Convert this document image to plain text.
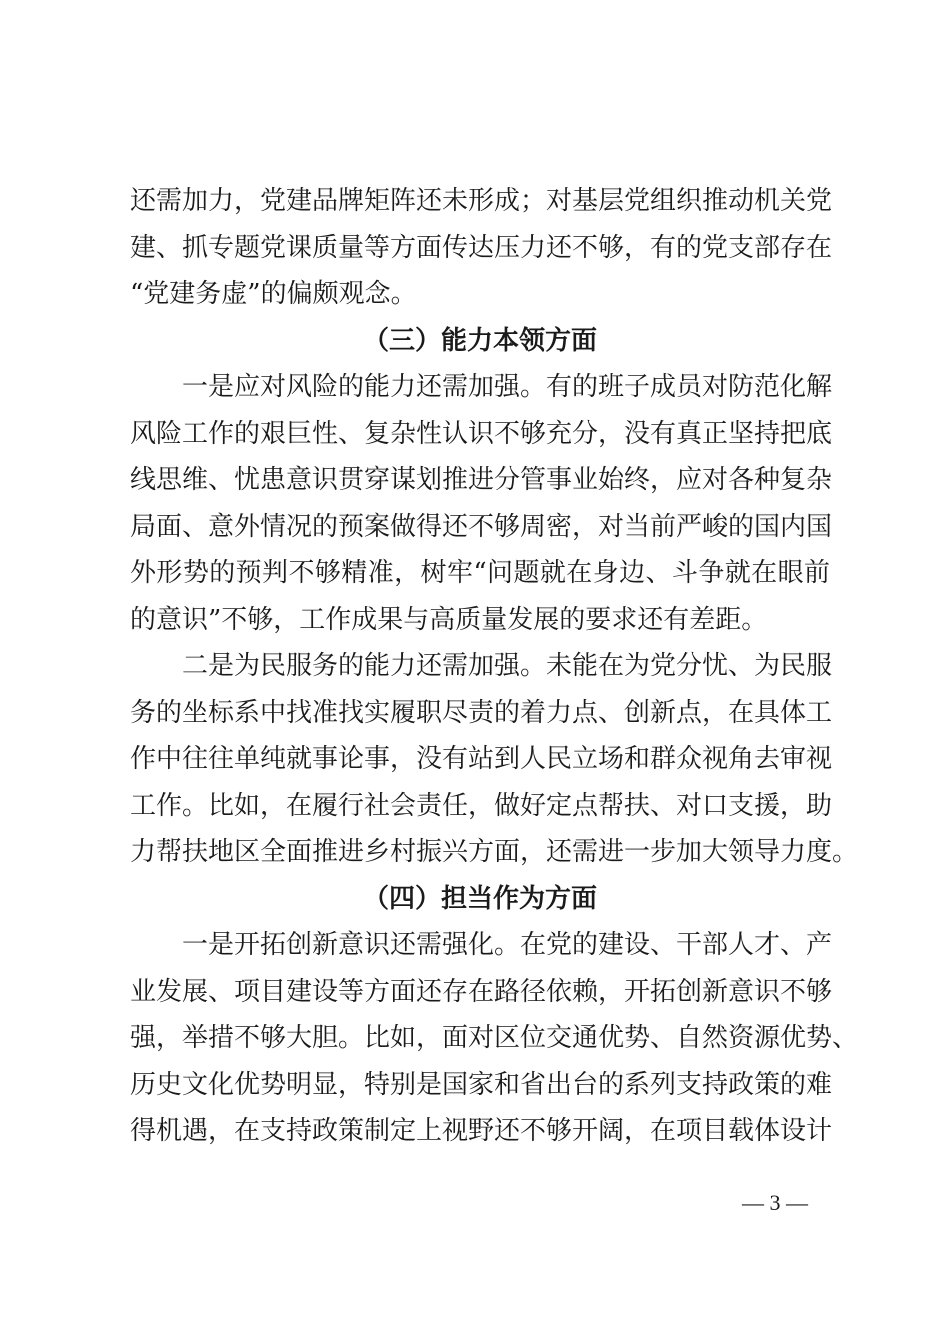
还需加力，党建品牌矩阵还未形成；对基层党组织推动机关党
建、抓专题党课质量等方面传达压力还不够，有的党支部存在
“党建务虚”的偏颇观念。
（三）能力本领方面
一是应对风险的能力还需加强。有的班子成员对防范化解
风险工作的艰巨性、复杂性认识不够充分，没有真正坚持把底
线思维、忧患意识贯穿谋划推进分管事业始终，应对各种复杂
局面、意外情况的预案做得还不够周密，对当前严峻的国内国
外形势的预判不够精准，树牢“问题就在身边、斗争就在眼前
的意识”不够，工作成果与高质量发展的要求还有差距。
二是为民服务的能力还需加强。未能在为党分忧、为民服
务的坐标系中找准找实履职尽责的着力点、创新点，在具体工
作中往往单纯就事论事，没有站到人民立场和群众视角去审视
工作。比如，在履行社会责任，做好定点帮扶、对口支援，助
力帮扶地区全面推进乡村振兴方面，还需进一步加大领导力度。
（四）担当作为方面
一是开拓创新意识还需强化。在党的建设、干部人才、产
业发展、项目建设等方面还存在路径依赖，开拓创新意识不够
强，举措不够大胆。比如，面对区位交通优势、自然资源优势、
历史文化优势明显，特别是国家和省出台的系列支持政策的难
得机遇，在支持政策制定上视野还不够开阔，在项目载体设计
— 3 —
